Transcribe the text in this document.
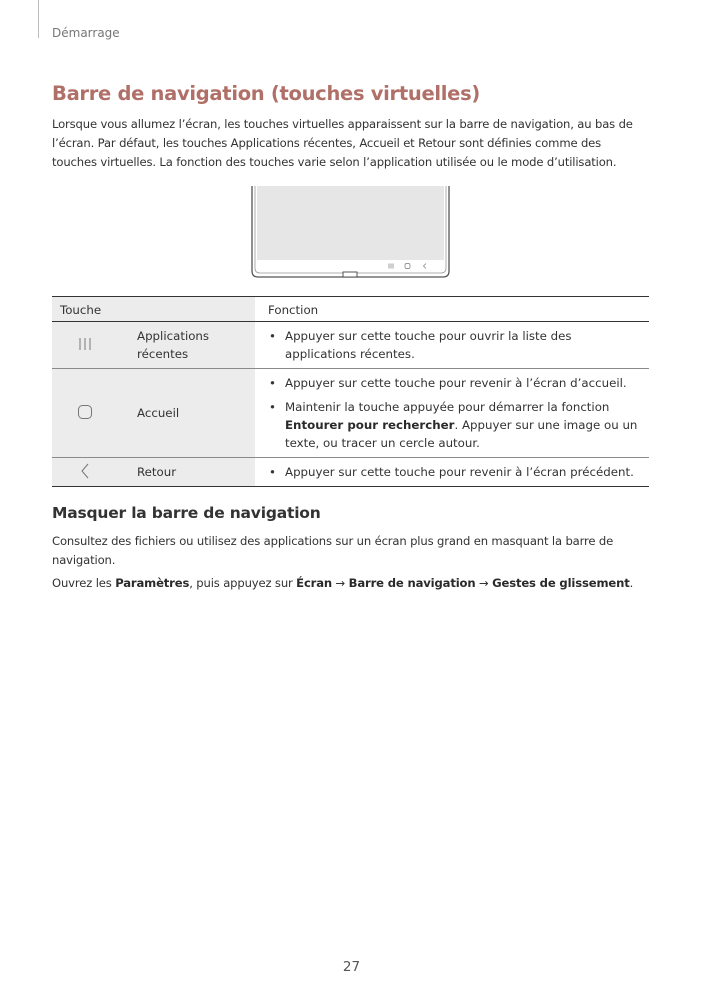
Démarrage
Barre de navigation (touches virtuelles)

Lorsque vous allumez l’écran, les touches virtuelles apparaissent sur la barre de navigation, au bas de l’écran. Par défaut, les touches Applications récentes, Accueil et Retour sont définies comme des touches virtuelles. La fonction des touches varie selon l’application utilisée ou le mode d’utilisation.

Touche		Fonction
	Applications récentes	• Appuyer sur cette touche pour ouvrir la liste des applications récentes.

	Accueil	• Appuyer sur cette touche pour revenir à l’écran d’accueil.
• Maintenir la touche appuyée pour démarrer la fonction Entourer pour rechercher. Appuyer sur une image ou un texte, ou tracer un cercle autour.

	Retour	• Appuyer sur cette touche pour revenir à l’écran précédent.
Masquer la barre de navigation

Consultez des fichiers ou utilisez des applications sur un écran plus grand en masquant la barre de navigation.

Ouvrez les Paramètres, puis appuyez sur Écran → Barre de navigation → Gestes de glissement.

27
